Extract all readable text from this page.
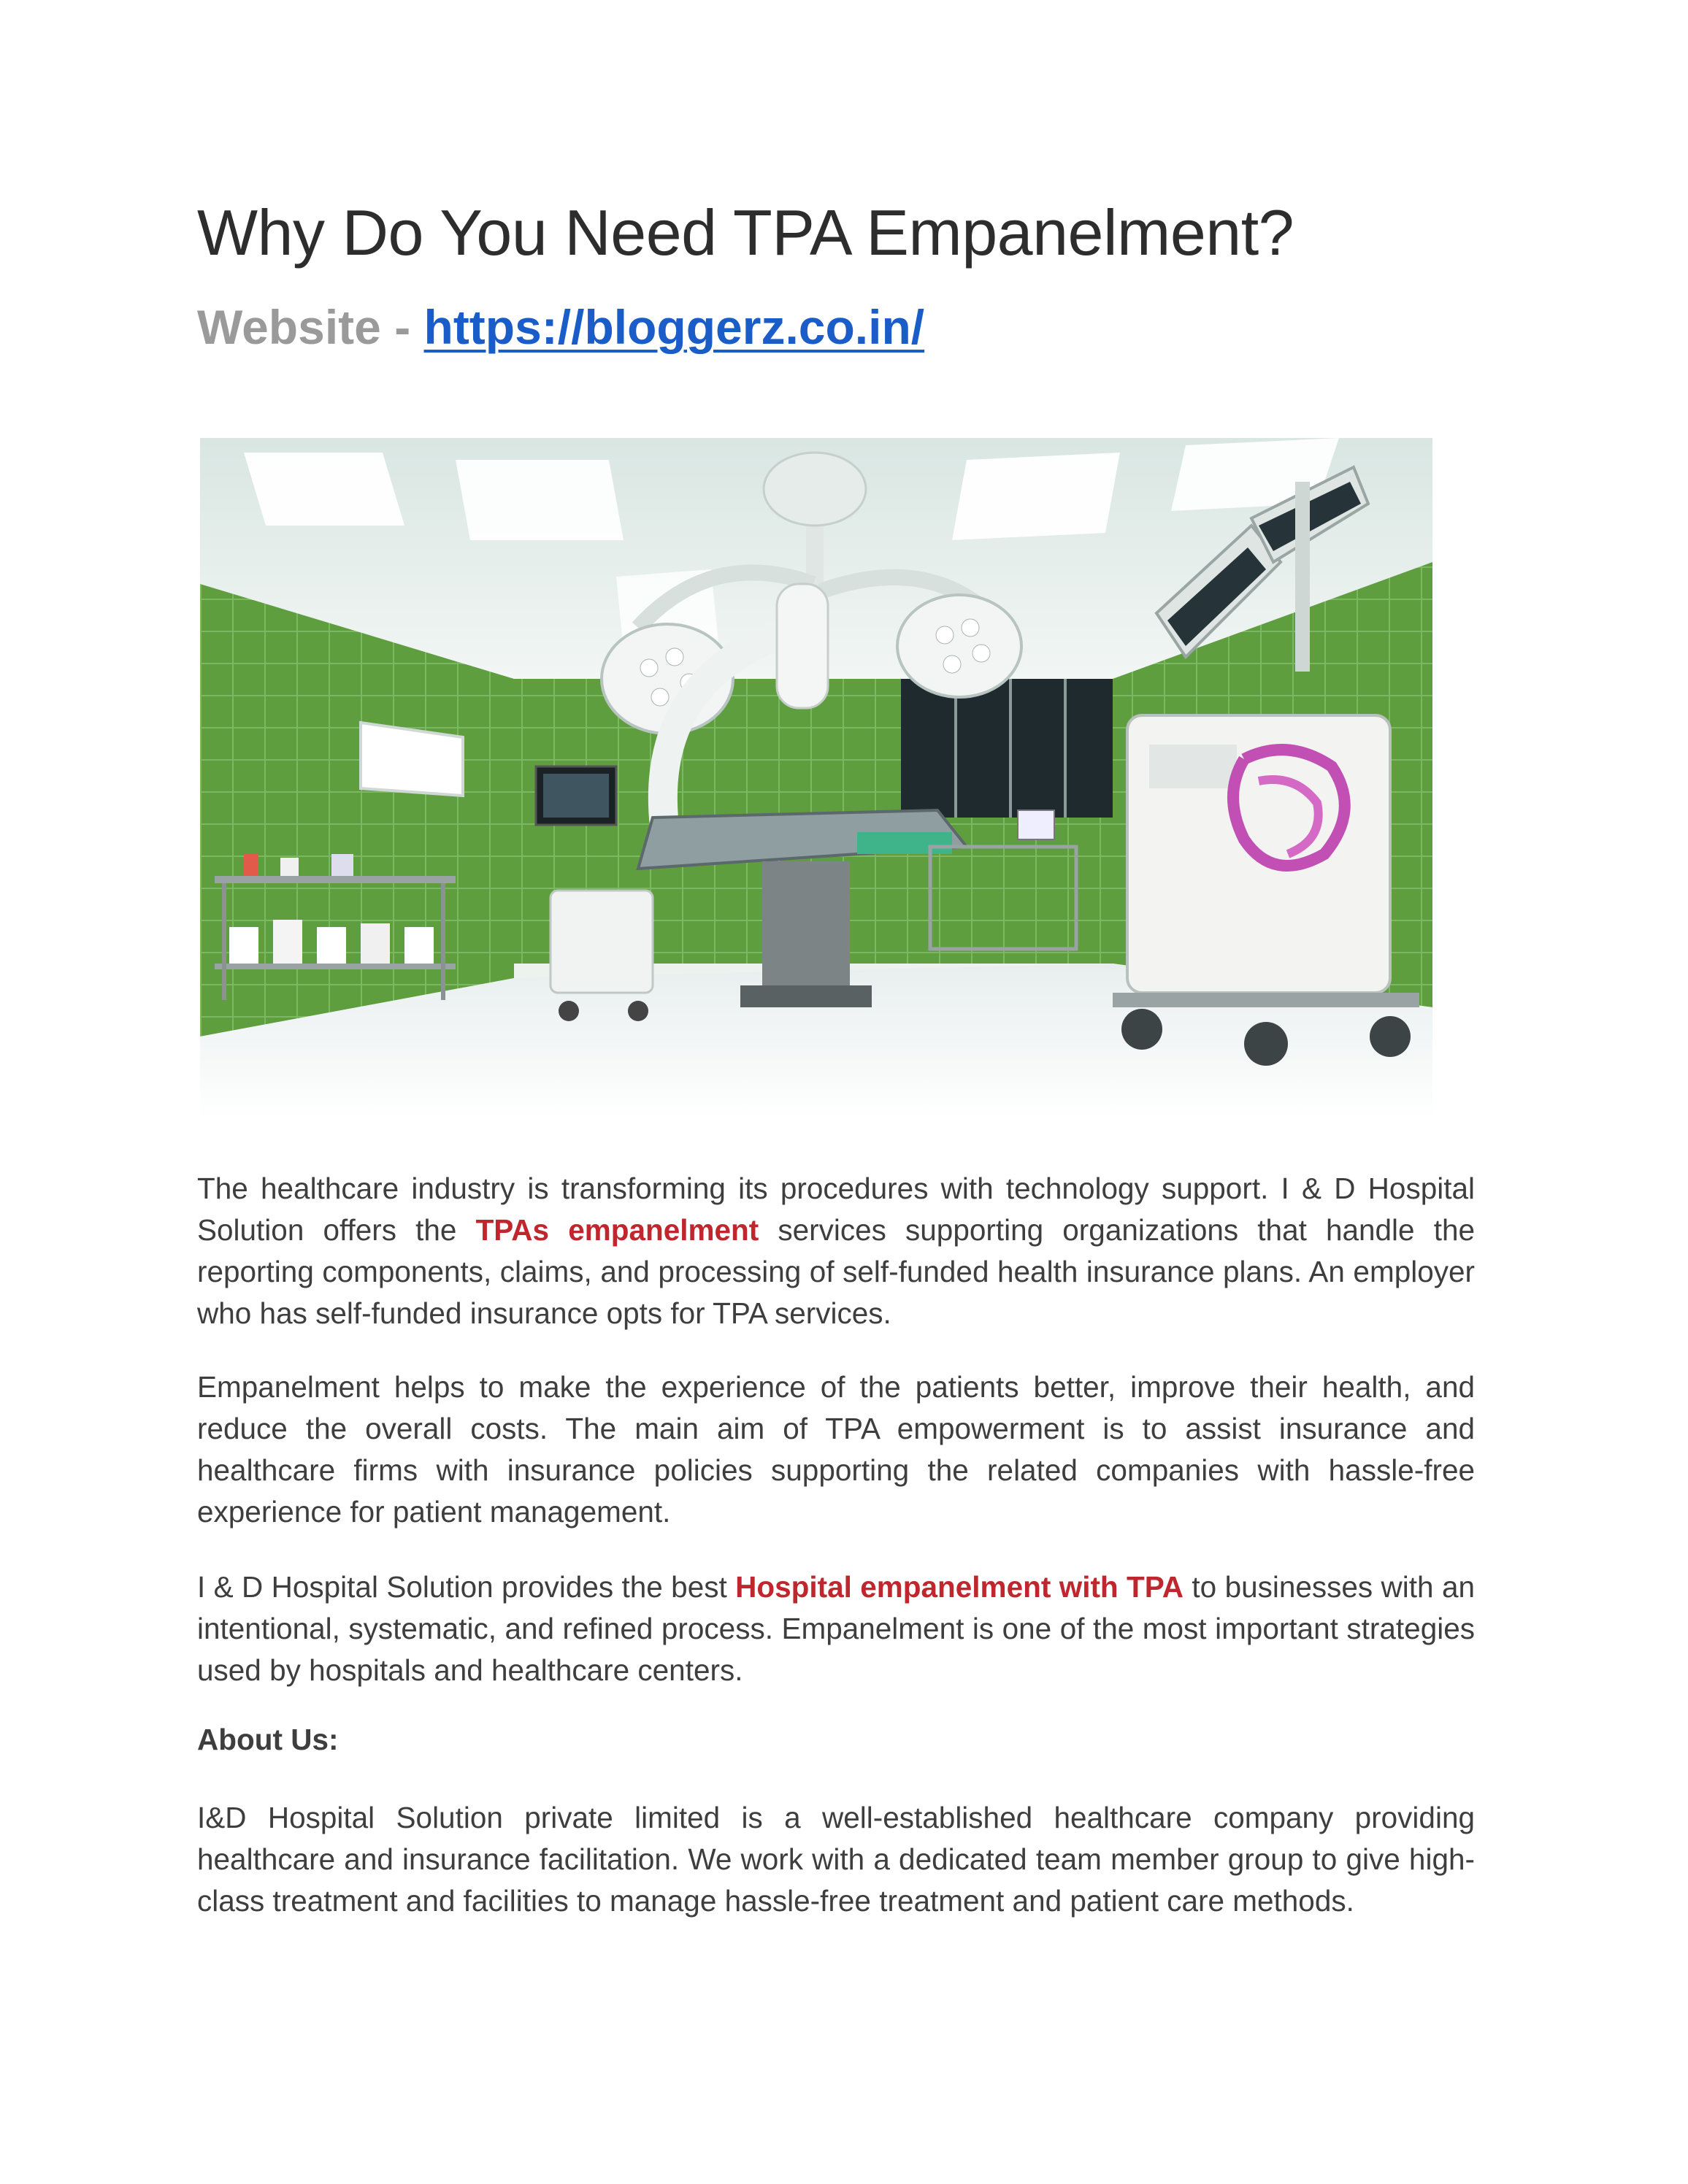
Why Do You Need TPA Empanelment?

Website - https://bloggerz.co.in/

The healthcare industry is transforming its procedures with technology support. I & D Hospital Solution offers the TPAs empanelment services supporting organizations that handle the reporting components, claims, and processing of self-funded health insurance plans. An employer who has self-funded insurance opts for TPA services.

Empanelment helps to make the experience of the patients better, improve their health, and reduce the overall costs. The main aim of TPA empowerment is to assist insurance and healthcare firms with insurance policies supporting the related companies with hassle-free experience for patient management.

I & D Hospital Solution provides the best Hospital empanelment with TPA to businesses with an intentional, systematic, and refined process. Empanelment is one of the most important strategies used by hospitals and healthcare centers.

About Us:

I&D Hospital Solution private limited is a well-established healthcare company providing healthcare and insurance facilitation. We work with a dedicated team member group to give high-class treatment and facilities to manage hassle-free treatment and patient care methods.
